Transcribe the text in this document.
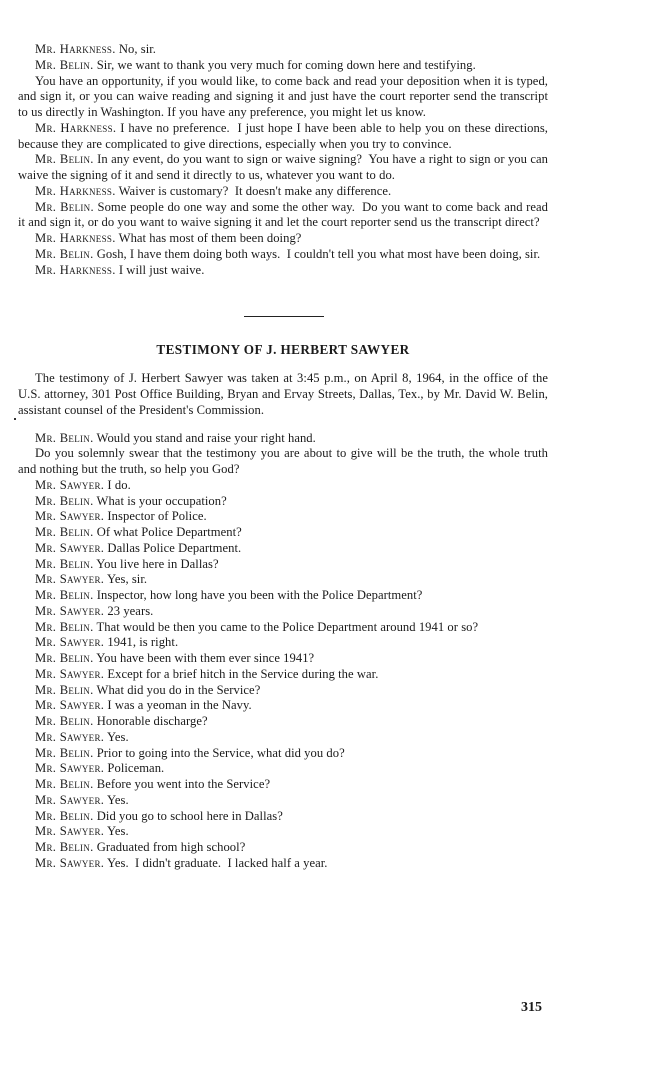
Mr. Harkness. No, sir.

Mr. Belin. Sir, we want to thank you very much for coming down here and testifying.

You have an opportunity, if you would like, to come back and read your deposition when it is typed, and sign it, or you can waive reading and signing it and just have the court reporter send the transcript to us directly in Washington. If you have any preference, you might let us know.

Mr. Harkness. I have no preference.  I just hope I have been able to help you on these directions, because they are complicated to give directions, especially when you try to convince.

Mr. Belin. In any event, do you want to sign or waive signing?  You have a right to sign or you can waive the signing of it and send it directly to us, whatever you want to do.

Mr. Harkness. Waiver is customary?  It doesn't make any difference.

Mr. Belin. Some people do one way and some the other way.  Do you want to come back and read it and sign it, or do you want to waive signing it and let the court reporter send us the transcript direct?

Mr. Harkness. What has most of them been doing?

Mr. Belin. Gosh, I have them doing both ways.  I couldn't tell you what most have been doing, sir.

Mr. Harkness. I will just waive.

TESTIMONY OF J. HERBERT SAWYER

The testimony of J. Herbert Sawyer was taken at 3:45 p.m., on April 8, 1964, in the office of the U.S. attorney, 301 Post Office Building, Bryan and Ervay Streets, Dallas, Tex., by Mr. David W. Belin, assistant counsel of the President's Commission.

Mr. Belin. Would you stand and raise your right hand.

Do you solemnly swear that the testimony you are about to give will be the truth, the whole truth and nothing but the truth, so help you God?

Mr. Sawyer. I do.

Mr. Belin. What is your occupation?

Mr. Sawyer. Inspector of Police.

Mr. Belin. Of what Police Department?

Mr. Sawyer. Dallas Police Department.

Mr. Belin. You live here in Dallas?

Mr. Sawyer. Yes, sir.

Mr. Belin. Inspector, how long have you been with the Police Department?

Mr. Sawyer. 23 years.

Mr. Belin. That would be then you came to the Police Department around 1941 or so?

Mr. Sawyer. 1941, is right.

Mr. Belin. You have been with them ever since 1941?

Mr. Sawyer. Except for a brief hitch in the Service during the war.

Mr. Belin. What did you do in the Service?

Mr. Sawyer. I was a yeoman in the Navy.

Mr. Belin. Honorable discharge?

Mr. Sawyer. Yes.

Mr. Belin. Prior to going into the Service, what did you do?

Mr. Sawyer. Policeman.

Mr. Belin. Before you went into the Service?

Mr. Sawyer. Yes.

Mr. Belin. Did you go to school here in Dallas?

Mr. Sawyer. Yes.

Mr. Belin. Graduated from high school?

Mr. Sawyer. Yes.  I didn't graduate.  I lacked half a year.

315
